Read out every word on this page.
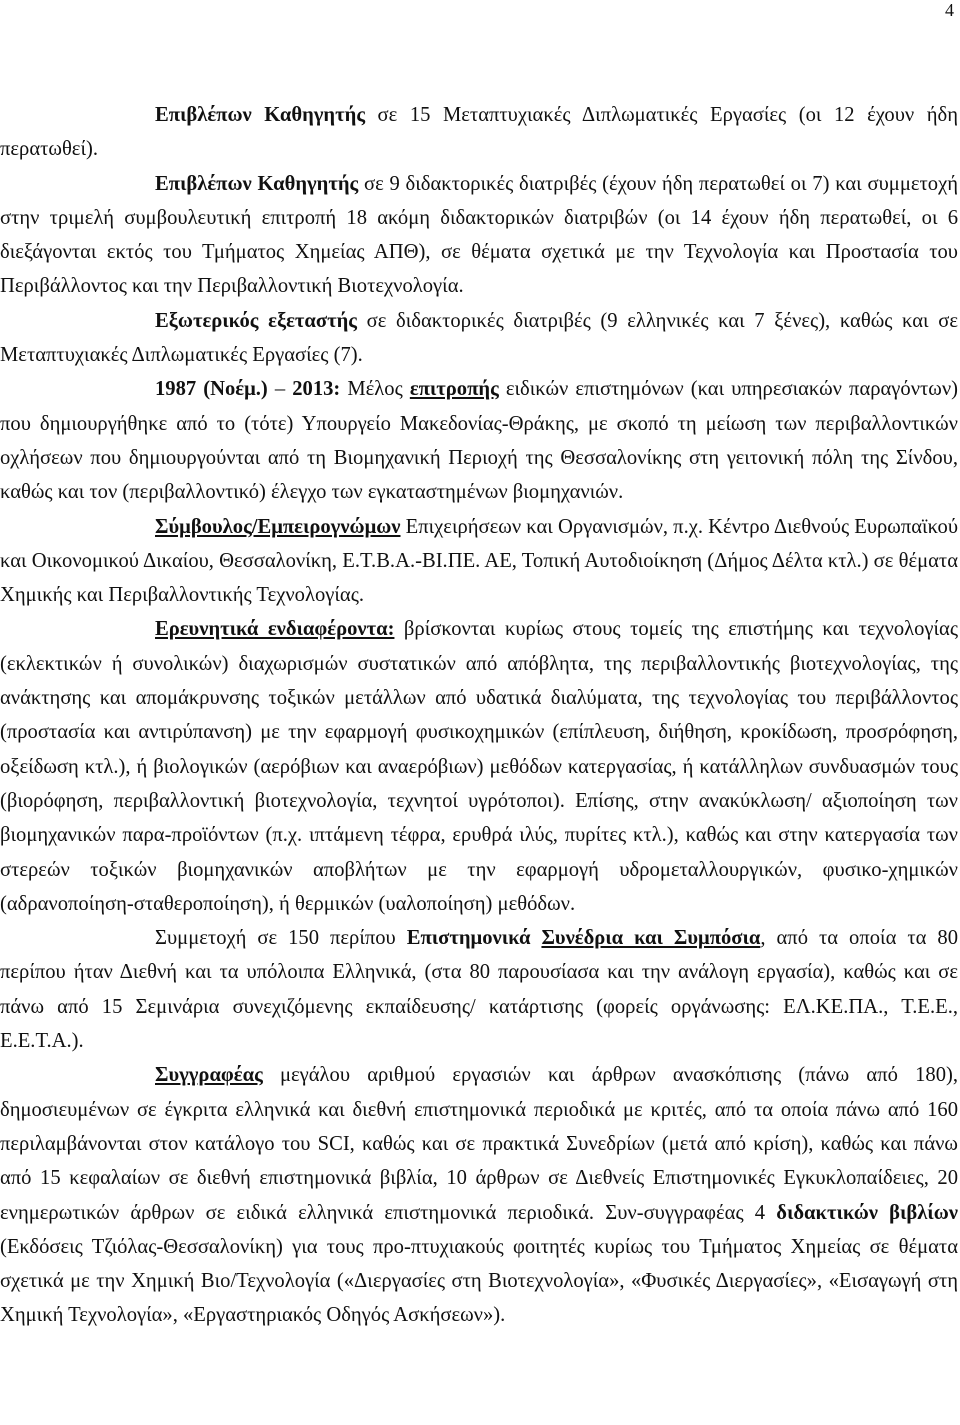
4

Επιβλέπων Καθηγητής σε 15 Μεταπτυχιακές Διπλωματικές Εργασίες (οι 12 έχουν ήδη περατωθεί).

Επιβλέπων Καθηγητής σε 9 διδακτορικές διατριβές (έχουν ήδη περατωθεί οι 7) και συμμετοχή στην τριμελή συμβουλευτική επιτροπή 18 ακόμη διδακτορικών διατριβών (οι 14 έχουν ήδη περατωθεί, οι 6 διεξάγονται εκτός του Τμήματος Χημείας ΑΠΘ), σε θέματα σχετικά με την Τεχνολογία και Προστασία του Περιβάλλοντος και την Περιβαλλοντική Βιοτεχνολογία.

Εξωτερικός εξεταστής σε διδακτορικές διατριβές (9 ελληνικές και 7 ξένες), καθώς και σε Μεταπτυχιακές Διπλωματικές Εργασίες (7).

1987 (Νοέμ.) – 2013: Μέλος επιτροπής ειδικών επιστημόνων (και υπηρεσιακών παραγόντων) που δημιουργήθηκε από το (τότε) Υπουργείο Μακεδονίας-Θράκης, με σκοπό τη μείωση των περιβαλλοντικών οχλήσεων που δημιουργούνται από τη Βιομηχανική Περιοχή της Θεσσαλονίκης στη γειτονική πόλη της Σίνδου, καθώς και τον (περιβαλλοντικό) έλεγχο των εγκαταστημένων βιομηχανιών.

Σύμβουλος/Εμπειρογνώμων Επιχειρήσεων και Οργανισμών, π.χ. Κέντρο Διεθνούς Ευρωπαϊκού και Οικονομικού Δικαίου, Θεσσαλονίκη, Ε.Τ.Β.Α.-ΒΙ.ΠΕ. ΑΕ, Τοπική Αυτοδιοίκηση (Δήμος Δέλτα κτλ.) σε θέματα Χημικής και Περιβαλλοντικής Τεχνολογίας.

Ερευνητικά ενδιαφέροντα: βρίσκονται κυρίως στους τομείς της επιστήμης και τεχνολογίας (εκλεκτικών ή συνολικών) διαχωρισμών συστατικών από απόβλητα, της περιβαλλοντικής βιοτεχνολογίας, της ανάκτησης και απομάκρυνσης τοξικών μετάλλων από υδατικά διαλύματα, της τεχνολογίας του περιβάλλοντος (προστασία και αντιρύπανση) με την εφαρμογή φυσικοχημικών (επίπλευση, διήθηση, κροκίδωση, προσρόφηση, οξείδωση κτλ.), ή βιολογικών (αερόβιων και αναερόβιων) μεθόδων κατεργασίας, ή κατάλληλων συνδυασμών τους (βιορόφηση, περιβαλλοντική βιοτεχνολογία, τεχνητοί υγρότοποι). Επίσης, στην ανακύκλωση/ αξιοποίηση των βιομηχανικών παρα-προϊόντων (π.χ. ιπτάμενη τέφρα, ερυθρά ιλύς, πυρίτες κτλ.), καθώς και στην κατεργασία των στερεών τοξικών βιομηχανικών αποβλήτων με την εφαρμογή υδρομεταλλουργικών, φυσικο-χημικών (αδρανοποίηση-σταθεροποίηση), ή θερμικών (υαλοποίηση) μεθόδων.

Συμμετοχή σε 150 περίπου Επιστημονικά Συνέδρια και Συμπόσια, από τα οποία τα 80 περίπου ήταν Διεθνή και τα υπόλοιπα Ελληνικά, (στα 80 παρουσίασα και την ανάλογη εργασία), καθώς και σε πάνω από 15 Σεμινάρια συνεχιζόμενης εκπαίδευσης/ κατάρτισης (φορείς οργάνωσης: ΕΛ.ΚΕ.ΠΑ., Τ.Ε.Ε., Ε.Ε.Τ.Α.).

Συγγραφέας μεγάλου αριθμού εργασιών και άρθρων ανασκόπισης (πάνω από 180), δημοσιευμένων σε έγκριτα ελληνικά και διεθνή επιστημονικά περιοδικά με κριτές, από τα οποία πάνω από 160 περιλαμβάνονται στον κατάλογο του SCI, καθώς και σε πρακτικά Συνεδρίων (μετά από κρίση), καθώς και πάνω από 15 κεφαλαίων σε διεθνή επιστημονικά βιβλία, 10 άρθρων σε Διεθνείς Επιστημονικές Εγκυκλοπαίδειες, 20 ενημερωτικών άρθρων σε ειδικά ελληνικά επιστημονικά περιοδικά. Συν-συγγραφέας 4 διδακτικών βιβλίων (Εκδόσεις Τζιόλας-Θεσσαλονίκη) για τους προ-πτυχιακούς φοιτητές κυρίως του Τμήματος Χημείας σε θέματα σχετικά με την Χημική Βιο/Τεχνολογία («Διεργασίες στη Βιοτεχνολογία», «Φυσικές Διεργασίες», «Εισαγωγή στη Χημική Τεχνολογία», «Εργαστηριακός Οδηγός Ασκήσεων»).
